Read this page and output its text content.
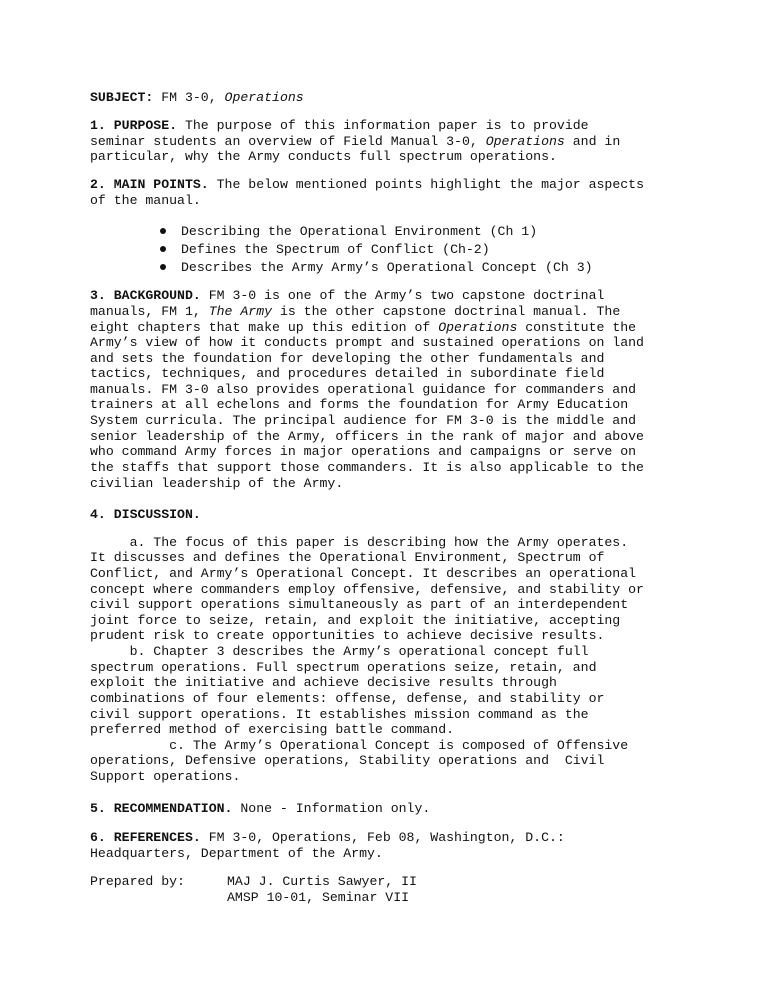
SUBJECT: FM 3-0, Operations

1. PURPOSE. The purpose of this information paper is to provide

seminar students an overview of Field Manual 3-0, Operations and in

particular, why the Army conducts full spectrum operations.

2. MAIN POINTS. The below mentioned points highlight the major aspects

of the manual.

Describing the Operational Environment (Ch 1)
Defines the Spectrum of Conflict (Ch-2)
Describes the Army Army’s Operational Concept (Ch 3)

3. BACKGROUND. FM 3-0 is one of the Army’s two capstone doctrinal

manuals, FM 1, The Army is the other capstone doctrinal manual. The

eight chapters that make up this edition of Operations constitute the

Army’s view of how it conducts prompt and sustained operations on land

and sets the foundation for developing the other fundamentals and

tactics, techniques, and procedures detailed in subordinate field

manuals. FM 3-0 also provides operational guidance for commanders and

trainers at all echelons and forms the foundation for Army Education

System curricula. The principal audience for FM 3-0 is the middle and

senior leadership of the Army, officers in the rank of major and above

who command Army forces in major operations and campaigns or serve on

the staffs that support those commanders. It is also applicable to the

civilian leadership of the Army.

4. DISCUSSION.

a. The focus of this paper is describing how the Army operates.

It discusses and defines the Operational Environment, Spectrum of

Conflict, and Army’s Operational Concept. It describes an operational

concept where commanders employ offensive, defensive, and stability or

civil support operations simultaneously as part of an interdependent

joint force to seize, retain, and exploit the initiative, accepting

prudent risk to create opportunities to achieve decisive results.

b. Chapter 3 describes the Army’s operational concept full

spectrum operations. Full spectrum operations seize, retain, and

exploit the initiative and achieve decisive results through

combinations of four elements: offense, defense, and stability or

civil support operations. It establishes mission command as the

preferred method of exercising battle command.

c. The Army’s Operational Concept is composed of Offensive

operations, Defensive operations, Stability operations and  Civil

Support operations.

5. RECOMMENDATION. None - Information only.

6. REFERENCES. FM 3-0, Operations, Feb 08, Washington, D.C.:

Headquarters, Department of the Army.

Prepared by:	MAJ J. Curtis Sawyer, II

AMSP 10-01, Seminar VII
